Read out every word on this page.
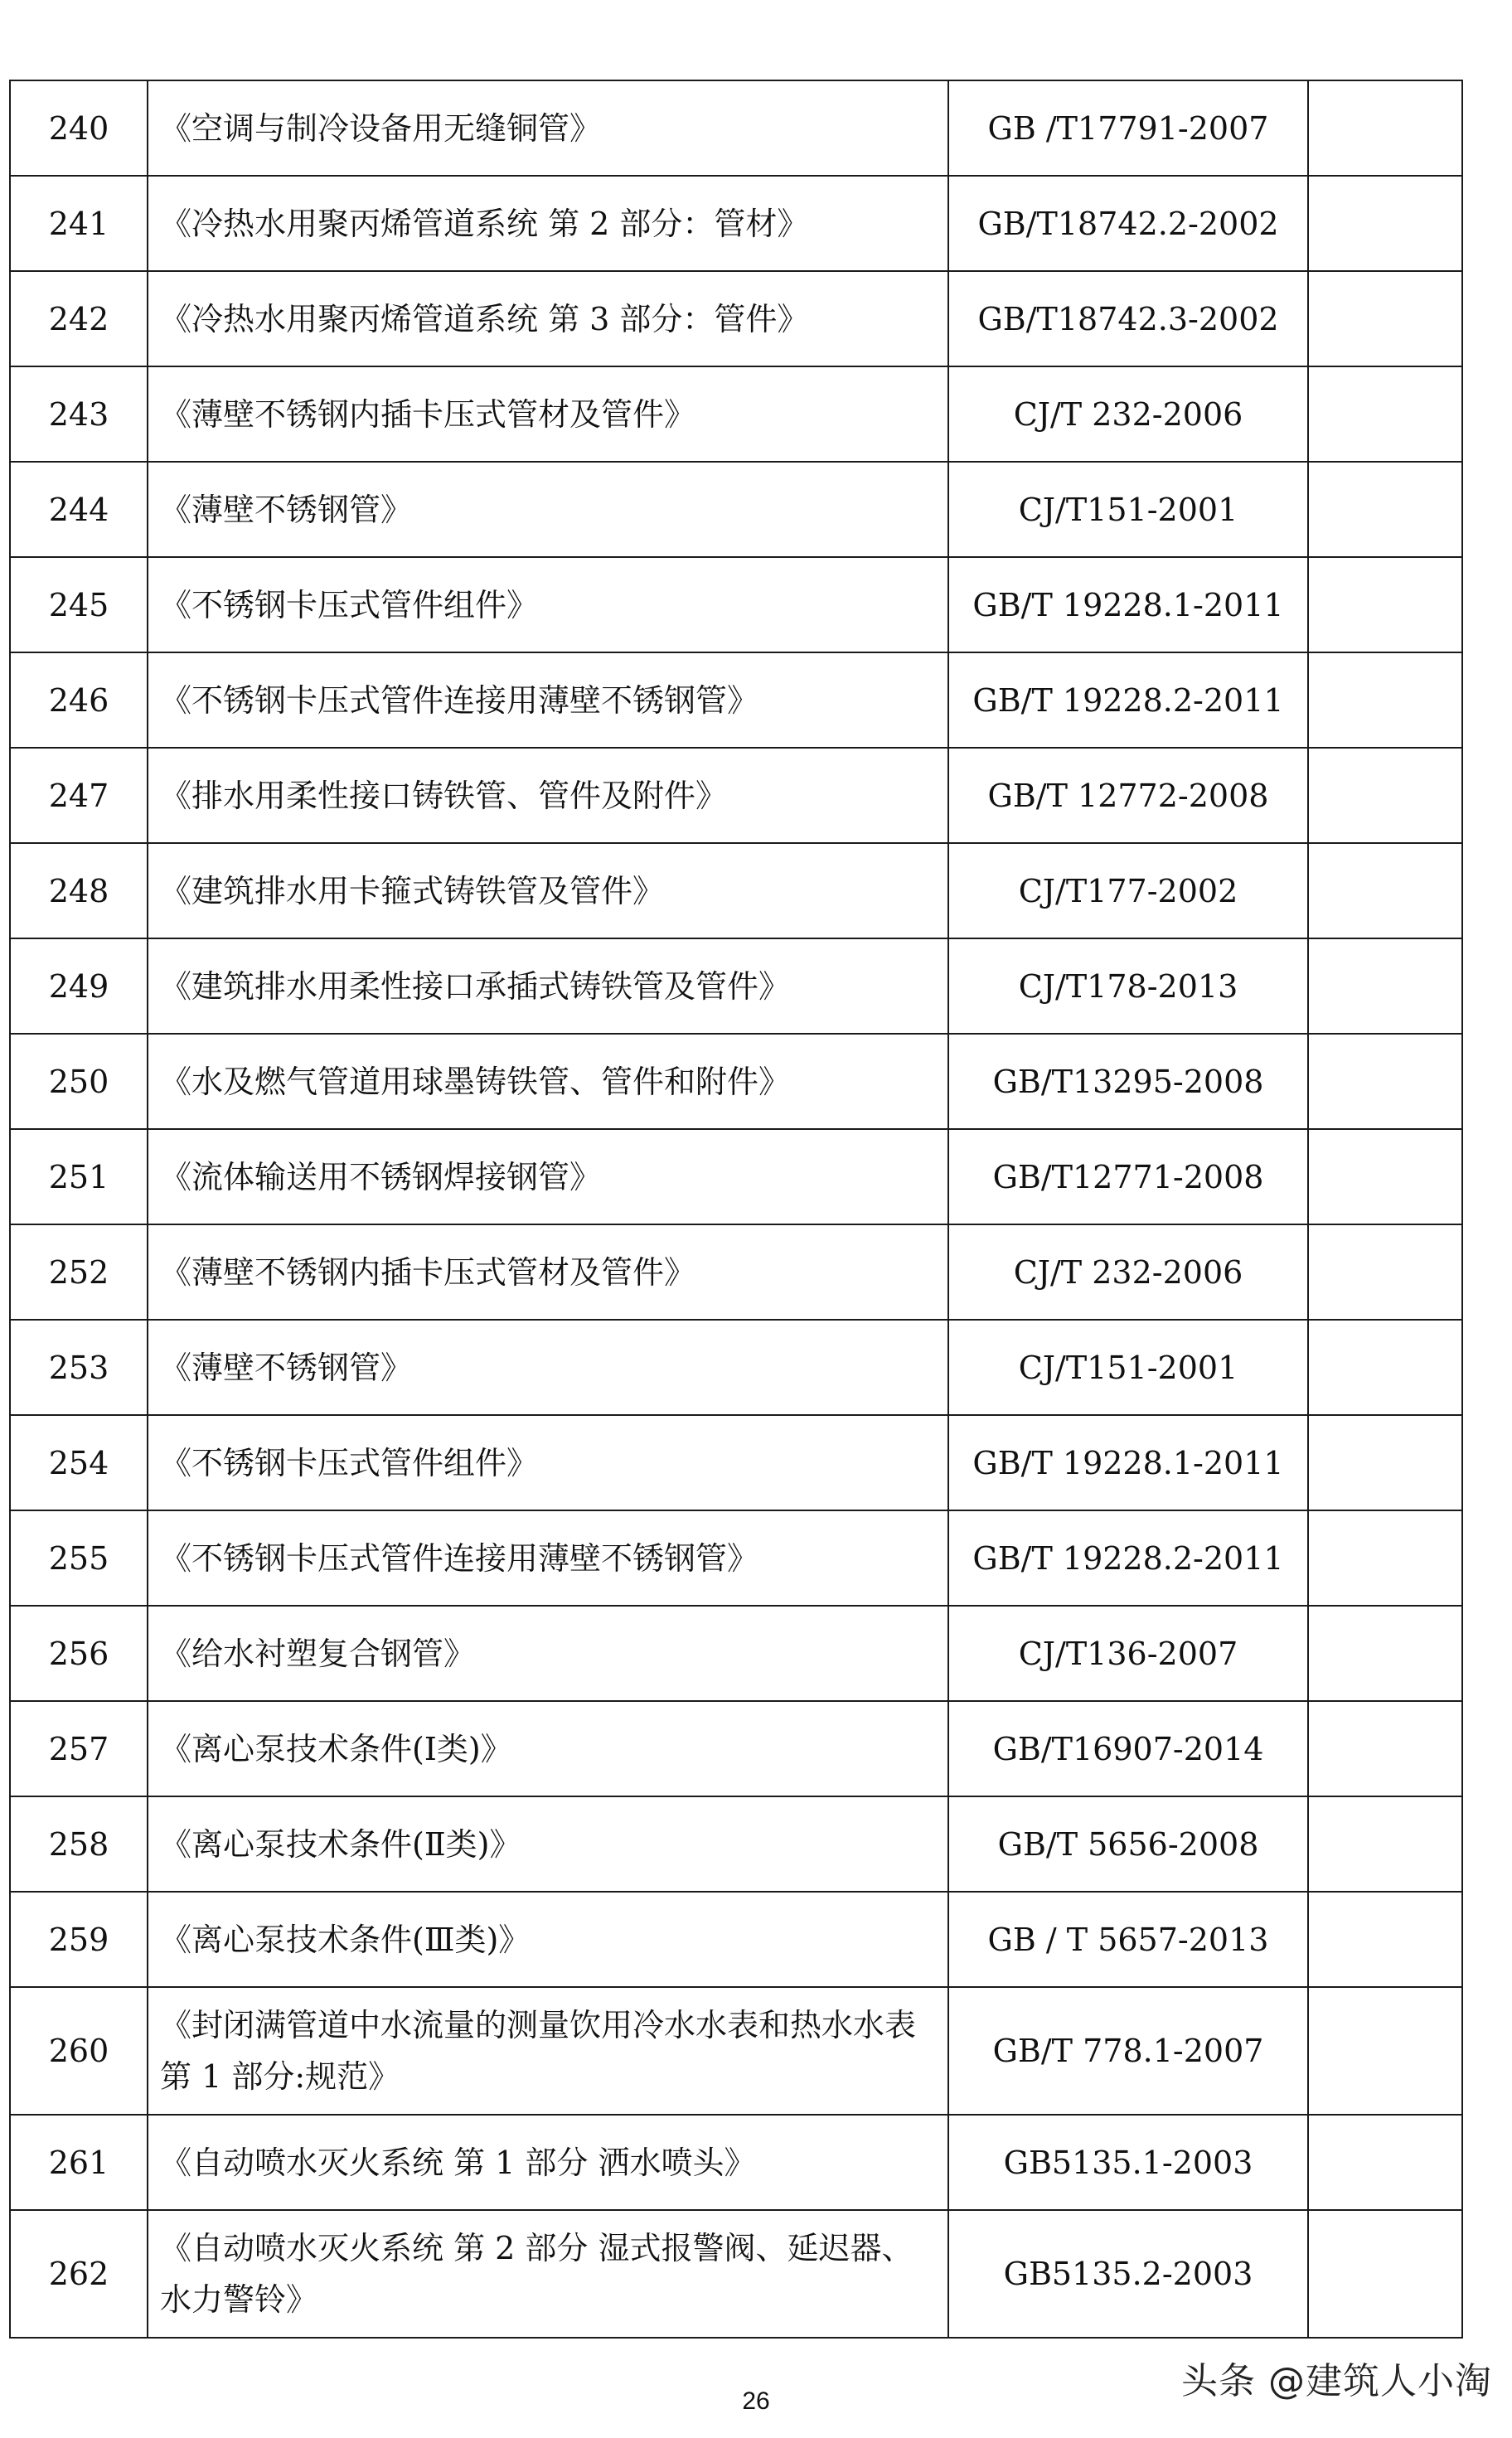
240	《空调与制冷设备用无缝铜管》	GB /T17791-2007	
241	《冷热水用聚丙烯管道系统 第 2 部分：管材》	GB/T18742.2-2002	
242	《冷热水用聚丙烯管道系统 第 3 部分：管件》	GB/T18742.3-2002	
243	《薄壁不锈钢内插卡压式管材及管件》	CJ/T 232-2006	
244	《薄壁不锈钢管》	CJ/T151-2001	
245	《不锈钢卡压式管件组件》	GB/T 19228.1-2011	
246	《不锈钢卡压式管件连接用薄壁不锈钢管》	GB/T 19228.2-2011	
247	《排水用柔性接口铸铁管、管件及附件》	GB/T 12772-2008	
248	《建筑排水用卡箍式铸铁管及管件》	CJ/T177-2002	
249	《建筑排水用柔性接口承插式铸铁管及管件》	CJ/T178-2013	
250	《水及燃气管道用球墨铸铁管、管件和附件》	GB/T13295-2008	
251	《流体输送用不锈钢焊接钢管》	GB/T12771-2008	
252	《薄壁不锈钢内插卡压式管材及管件》	CJ/T 232-2006	
253	《薄壁不锈钢管》	CJ/T151-2001	
254	《不锈钢卡压式管件组件》	GB/T 19228.1-2011	
255	《不锈钢卡压式管件连接用薄壁不锈钢管》	GB/T 19228.2-2011	
256	《给水衬塑复合钢管》	CJ/T136-2007	
257	《离心泵技术条件(Ⅰ类)》	GB/T16907-2014	
258	《离心泵技术条件(Ⅱ类)》	GB/T 5656-2008	
259	《离心泵技术条件(Ⅲ类)》	GB / T 5657-2013	
260	《封闭满管道中水流量的测量饮用冷水水表和热水水表 第 1 部分:规范》	GB/T 778.1-2007	
261	《自动喷水灭火系统 第 1 部分 洒水喷头》	GB5135.1-2003	
262	《自动喷水灭火系统 第 2 部分 湿式报警阀、延迟器、水力警铃》	GB5135.2-2003	
头条 @建筑人小淘
26
